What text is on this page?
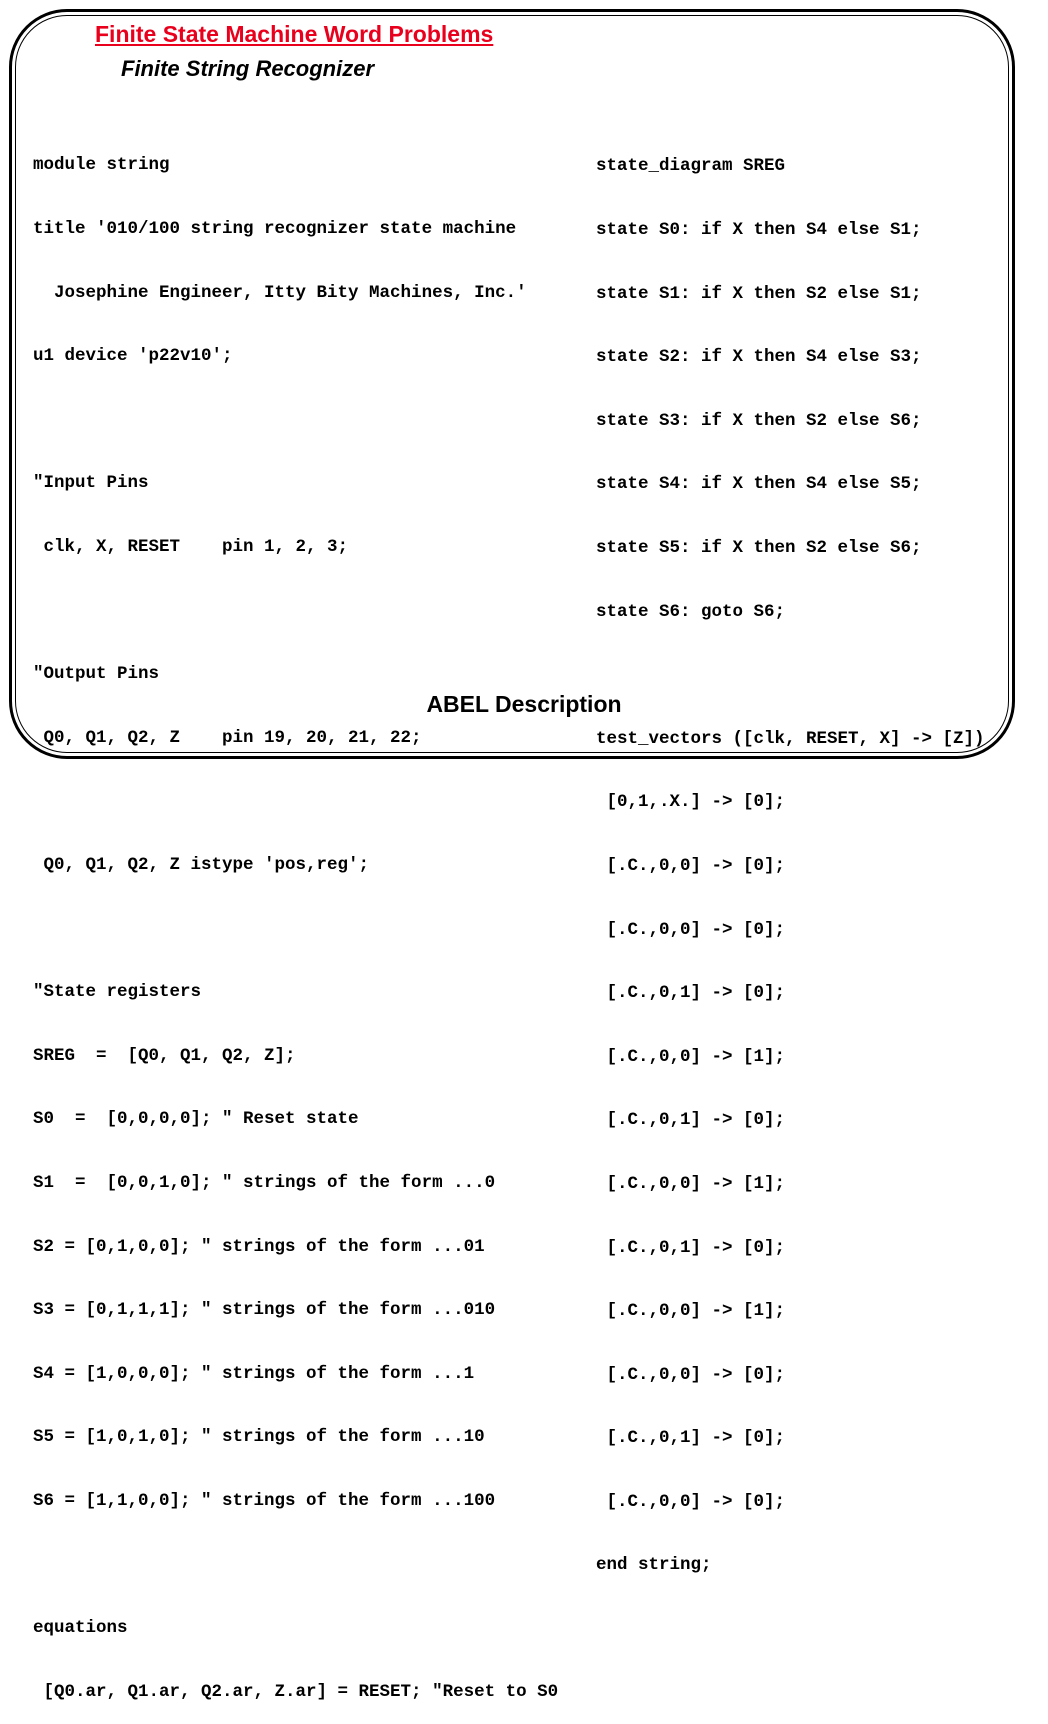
Finite State Machine Word Problems
Finite String Recognizer

module string

title '010/100 string recognizer state machine

Josephine Engineer, Itty Bity Machines, Inc.'

u1 device 'p22v10';

"Input Pins

clk, X, RESET    pin 1, 2, 3;

"Output Pins

Q0, Q1, Q2, Z    pin 19, 20, 21, 22;

Q0, Q1, Q2, Z istype 'pos,reg';

"State registers

SREG  =  [Q0, Q1, Q2, Z];

S0  =  [0,0,0,0]; " Reset state

S1  =  [0,0,1,0]; " strings of the form ...0

S2 = [0,1,0,0]; " strings of the form ...01

S3 = [0,1,1,1]; " strings of the form ...010

S4 = [1,0,0,0]; " strings of the form ...1

S5 = [1,0,1,0]; " strings of the form ...10

S6 = [1,1,0,0]; " strings of the form ...100

equations

[Q0.ar, Q1.ar, Q2.ar, Z.ar] = RESET; "Reset to S0

state_diagram SREG

state S0: if X then S4 else S1;

state S1: if X then S2 else S1;

state S2: if X then S4 else S3;

state S3: if X then S2 else S6;

state S4: if X then S4 else S5;

state S5: if X then S2 else S6;

state S6: goto S6;

test_vectors ([clk, RESET, X] -> [Z])

[0,1,.X.] -> [0];

[.C.,0,0] -> [0];

[.C.,0,0] -> [0];

[.C.,0,1] -> [0];

[.C.,0,0] -> [1];

[.C.,0,1] -> [0];

[.C.,0,0] -> [1];

[.C.,0,1] -> [0];

[.C.,0,0] -> [1];

[.C.,0,0] -> [0];

[.C.,0,1] -> [0];

[.C.,0,0] -> [0];

end string;

ABEL Description
